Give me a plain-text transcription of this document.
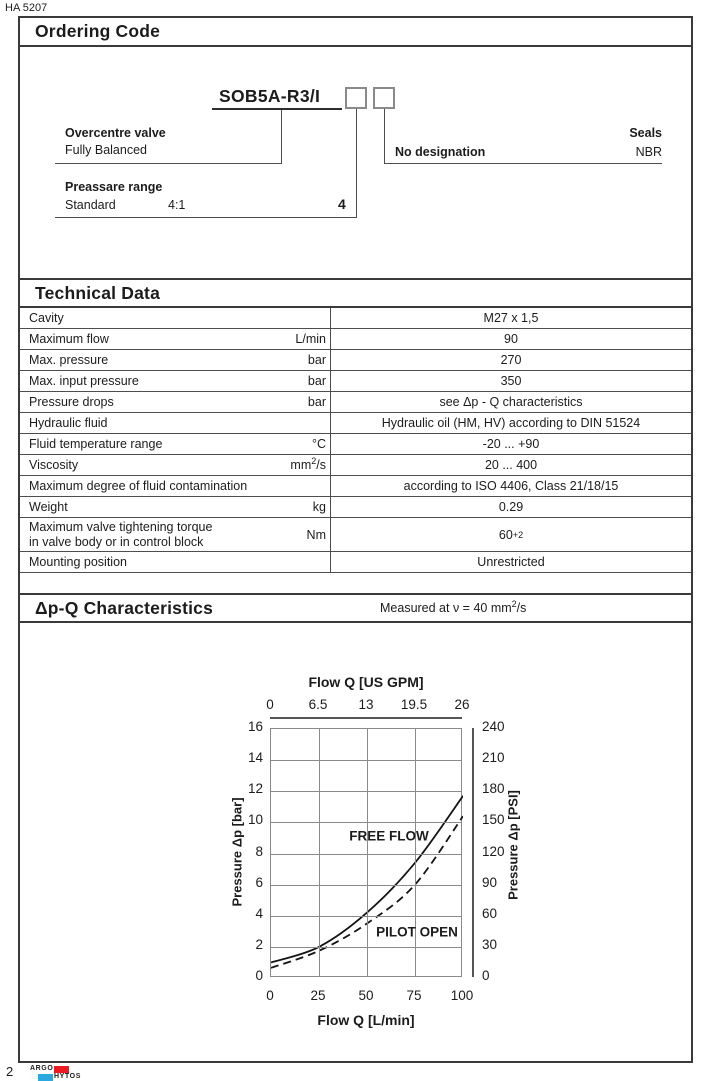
HA 5207
Ordering Code
SOB5A-R3/I
Overcentre valve
Fully Balanced
Preassare range
Standard	4:1	4
Seals
No designation	NBR
Technical Data
Cavity	M27 x 1,5
Maximum flow	L/min	90
Max. pressure	bar	270
Max. input pressure	bar	350
Pressure drops	bar	see Δp - Q characteristics
Hydraulic fluid	Hydraulic oil (HM, HV) according to DIN 51524
Fluid temperature range	°C	-20 ... +90
Viscosity	$mm^2/s$	20 ... 400
Maximum degree of fluid contamination	according to ISO 4406, Class 21/18/15
Weight	kg	0.29
Maximum valve tightening torque
in valve body or in control block	Nm	60 +2
Mounting position	Unrestricted
Δp-Q Characteristics	Measured at ν = 40 $mm^2/s$
Flow Q [US GPM]
FREE FLOW
PILOT OPEN
Pressure Δp [bar]	Pressure Δp [PSI]
Flow Q [L/min]
0	6.5	13	19.5	26
0	25	50	75	100
0
2
4
6
8
10
12
14
16
0
30
60
90
120
150
180
210
240
2 ARGO
HYTOS
